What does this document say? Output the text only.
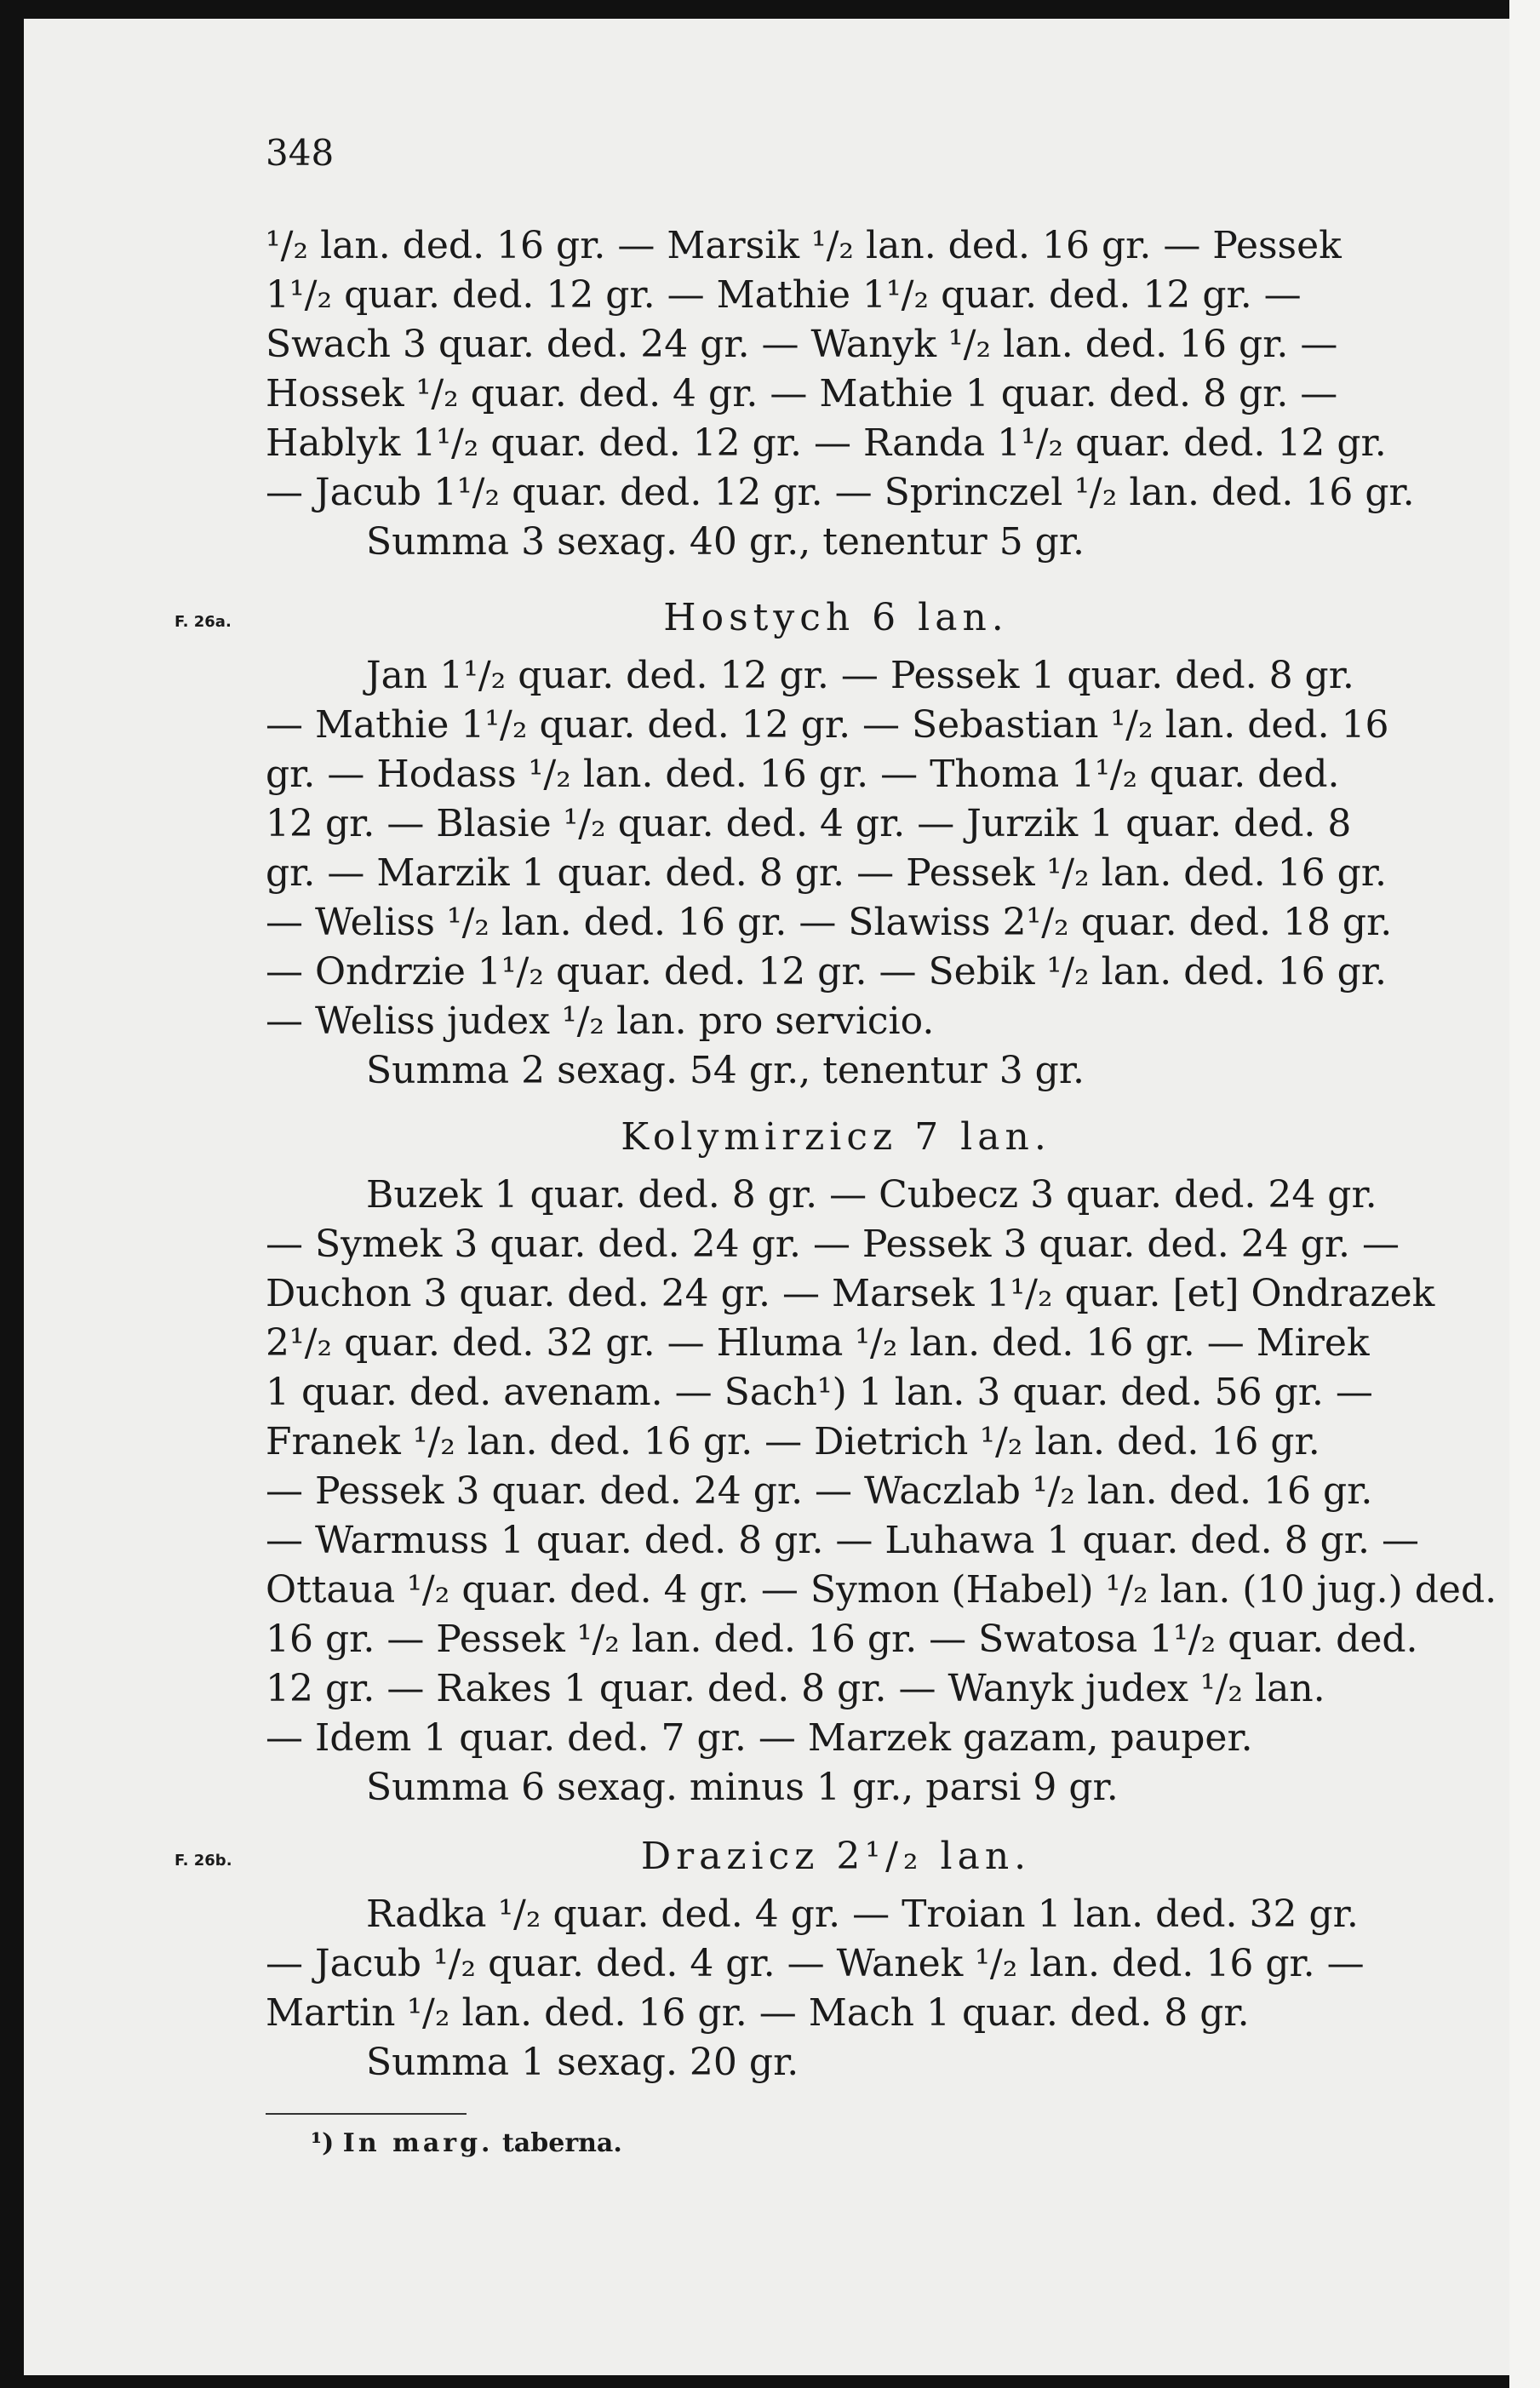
348
¹/₂ lan. ded. 16 gr. — Marsik ¹/₂ lan. ded. 16 gr. — Pessek
1¹/₂ quar. ded. 12 gr. — Mathie 1¹/₂ quar. ded. 12 gr. —
Swach 3 quar. ded. 24 gr. — Wanyk ¹/₂ lan. ded. 16 gr. —
Hossek ¹/₂ quar. ded. 4 gr. — Mathie 1 quar. ded. 8 gr. —
Hablyk 1¹/₂ quar. ded. 12 gr. — Randa 1¹/₂ quar. ded. 12 gr.
— Jacub 1¹/₂ quar. ded. 12 gr. — Sprinczel ¹/₂ lan. ded. 16 gr.
Summa 3 sexag. 40 gr., tenentur 5 gr.
F. 26a.	Hostych 6 lan.
Jan 1¹/₂ quar. ded. 12 gr. — Pessek 1 quar. ded. 8 gr.
— Mathie 1¹/₂ quar. ded. 12 gr. — Sebastian ¹/₂ lan. ded. 16
gr. — Hodass ¹/₂ lan. ded. 16 gr. — Thoma 1¹/₂ quar. ded.
12 gr. — Blasie ¹/₂ quar. ded. 4 gr. — Jurzik 1 quar. ded. 8
gr. — Marzik 1 quar. ded. 8 gr. — Pessek ¹/₂ lan. ded. 16 gr.
— Weliss ¹/₂ lan. ded. 16 gr. — Slawiss 2¹/₂ quar. ded. 18 gr.
— Ondrzie 1¹/₂ quar. ded. 12 gr. — Sebik ¹/₂ lan. ded. 16 gr.
— Weliss judex ¹/₂ lan. pro servicio.
Summa 2 sexag. 54 gr., tenentur 3 gr.
Kolymirzicz 7 lan.
Buzek 1 quar. ded. 8 gr. — Cubecz 3 quar. ded. 24 gr.
— Symek 3 quar. ded. 24 gr. — Pessek 3 quar. ded. 24 gr. —
Duchon 3 quar. ded. 24 gr. — Marsek 1¹/₂ quar. [et] Ondrazek
2¹/₂ quar. ded. 32 gr. — Hluma ¹/₂ lan. ded. 16 gr. — Mirek
1 quar. ded. avenam. — Sach¹) 1 lan. 3 quar. ded. 56 gr. —
Franek ¹/₂ lan. ded. 16 gr. — Dietrich ¹/₂ lan. ded. 16 gr.
— Pessek 3 quar. ded. 24 gr. — Waczlab ¹/₂ lan. ded. 16 gr.
— Warmuss 1 quar. ded. 8 gr. — Luhawa 1 quar. ded. 8 gr. —
Ottaua ¹/₂ quar. ded. 4 gr. — Symon (Habel) ¹/₂ lan. (10 jug.) ded.
16 gr. — Pessek ¹/₂ lan. ded. 16 gr. — Swatosa 1¹/₂ quar. ded.
12 gr. — Rakes 1 quar. ded. 8 gr. — Wanyk judex ¹/₂ lan.
— Idem 1 quar. ded. 7 gr. — Marzek gazam, pauper.
Summa 6 sexag. minus 1 gr., parsi 9 gr.
F. 26b.	Drazicz 2¹/₂ lan.
Radka ¹/₂ quar. ded. 4 gr. — Troian 1 lan. ded. 32 gr.
— Jacub ¹/₂ quar. ded. 4 gr. — Wanek ¹/₂ lan. ded. 16 gr. —
Martin ¹/₂ lan. ded. 16 gr. — Mach 1 quar. ded. 8 gr.
Summa 1 sexag. 20 gr.
¹) In marg. taberna.
